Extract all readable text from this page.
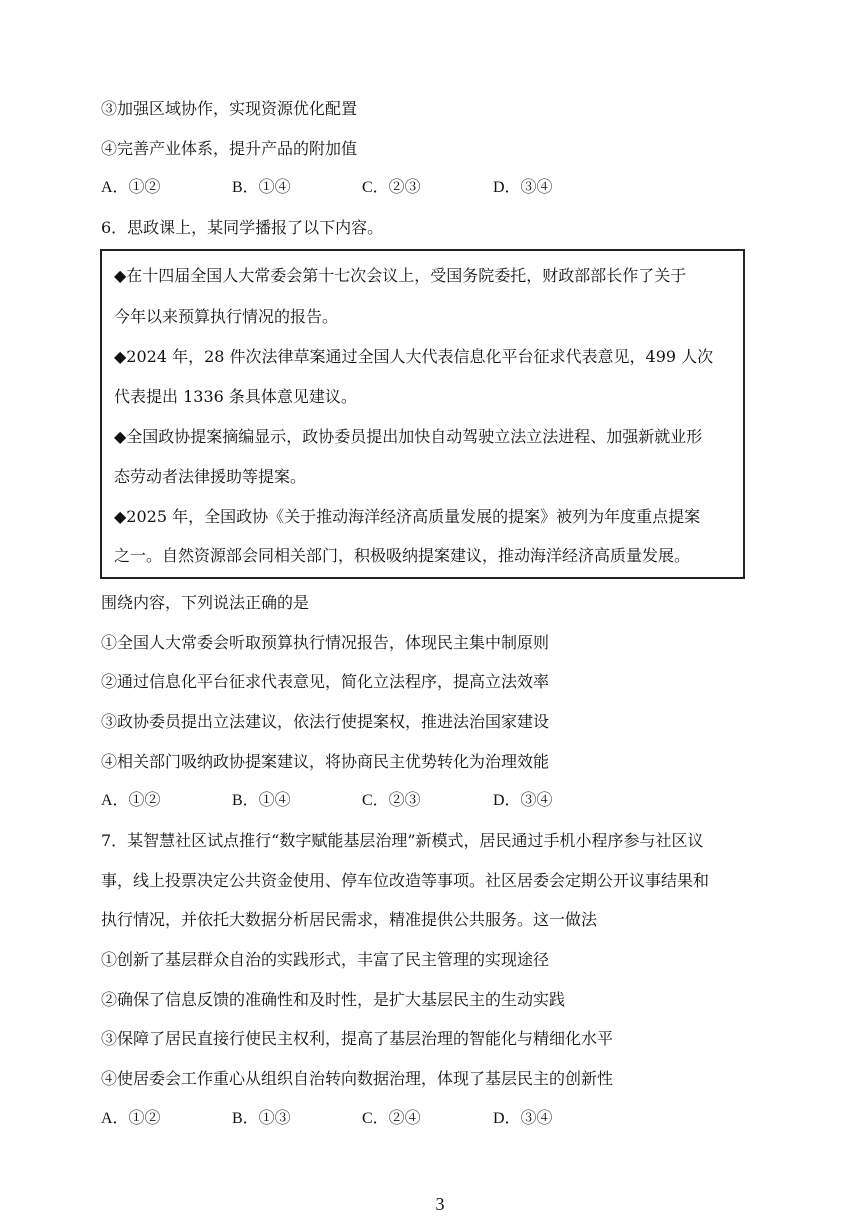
③加强区域协作，实现资源优化配置
④完善产业体系，提升产品的附加值
A．①②	B．①④	C．②③	D．③④
6．思政课上，某同学播报了以下内容。
◆在十四届全国人大常委会第十七次会议上，受国务院委托，财政部部长作了关于
今年以来预算执行情况的报告。
◆2024 年，28 件次法律草案通过全国人大代表信息化平台征求代表意见，499 人次
代表提出 1336 条具体意见建议。
◆全国政协提案摘编显示，政协委员提出加快自动驾驶立法立法进程、加强新就业形
态劳动者法律援助等提案。
◆2025 年，全国政协《关于推动海洋经济高质量发展的提案》被列为年度重点提案
之一。自然资源部会同相关部门，积极吸纳提案建议，推动海洋经济高质量发展。
围绕内容，下列说法正确的是
①全国人大常委会听取预算执行情况报告，体现民主集中制原则
②通过信息化平台征求代表意见，简化立法程序，提高立法效率
③政协委员提出立法建议，依法行使提案权，推进法治国家建设
④相关部门吸纳政协提案建议，将协商民主优势转化为治理效能
A．①②	B．①④	C．②③	D．③④
7．某智慧社区试点推行“数字赋能基层治理”新模式，居民通过手机小程序参与社区议
事，线上投票决定公共资金使用、停车位改造等事项。社区居委会定期公开议事结果和
执行情况，并依托大数据分析居民需求，精准提供公共服务。这一做法
①创新了基层群众自治的实践形式，丰富了民主管理的实现途径
②确保了信息反馈的准确性和及时性，是扩大基层民主的生动实践
③保障了居民直接行使民主权利，提高了基层治理的智能化与精细化水平
④使居委会工作重心从组织自治转向数据治理，体现了基层民主的创新性
A．①②	B．①③	C．②④	D．③④
3
